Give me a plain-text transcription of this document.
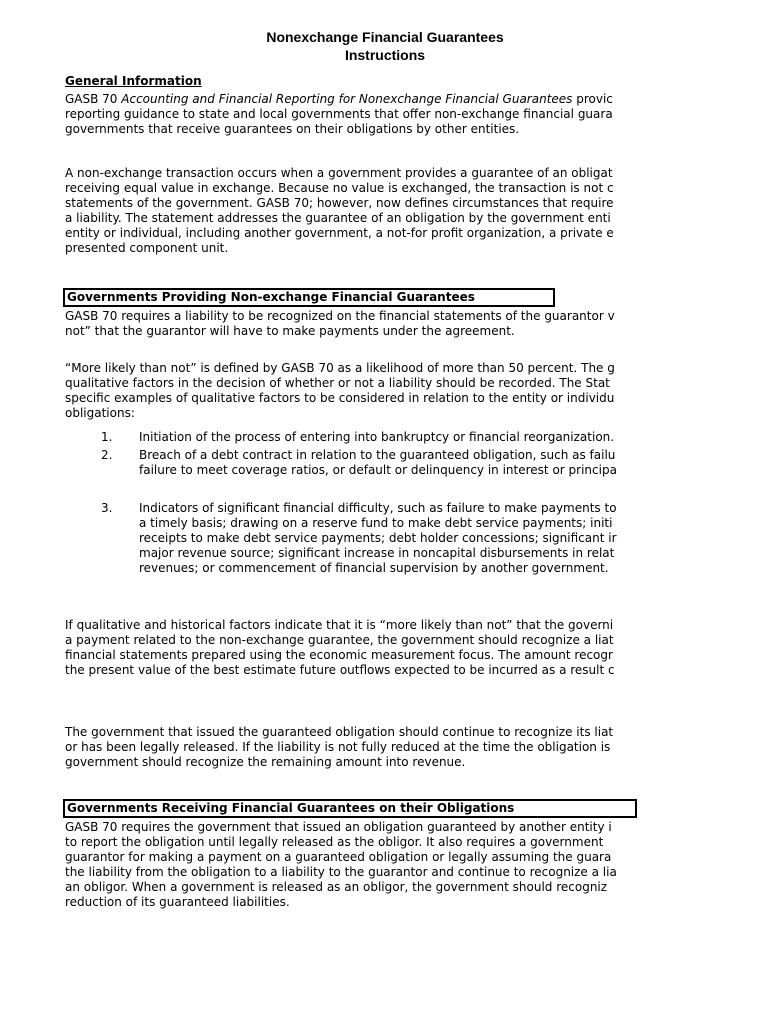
Nonexchange Financial Guarantees
Instructions
General Information
GASB 70 Accounting and Financial Reporting for Nonexchange Financial Guarantees provic
reporting guidance to state and local governments that offer non-exchange financial guara
governments that receive guarantees on their obligations by other entities.
A non-exchange transaction occurs when a government provides a guarantee of an obligat
receiving equal value in exchange. Because no value is exchanged, the transaction is not c
statements of the government. GASB 70; however, now defines circumstances that require
a liability. The statement addresses the guarantee of an obligation by the government enti
entity or individual, including another government, a not-for profit organization, a private e
presented component unit.
Governments Providing Non-exchange Financial Guarantees
GASB 70 requires a liability to be recognized on the financial statements of the guarantor v
not” that the guarantor will have to make payments under the agreement.
“More likely than not” is defined by GASB 70 as a likelihood of more than 50 percent. The g
qualitative factors in the decision of whether or not a liability should be recorded. The Stat
specific examples of qualitative factors to be considered in relation to the entity or individu
obligations:
1. Initiation of the process of entering into bankruptcy or financial reorganization.
2. Breach of a debt contract in relation to the guaranteed obligation, such as failu
failure to meet coverage ratios, or default or delinquency in interest or principa
3. Indicators of significant financial difficulty, such as failure to make payments to
a timely basis; drawing on a reserve fund to make debt service payments; initi
receipts to make debt service payments; debt holder concessions; significant ir
major revenue source; significant increase in noncapital disbursements in relat
revenues; or commencement of financial supervision by another government.
If qualitative and historical factors indicate that it is “more likely than not” that the governi
a payment related to the non-exchange guarantee, the government should recognize a liat
financial statements prepared using the economic measurement focus. The amount recogr
the present value of the best estimate future outflows expected to be incurred as a result c
The government that issued the guaranteed obligation should continue to recognize its liat
or has been legally released. If the liability is not fully reduced at the time the obligation is
government should recognize the remaining amount into revenue.
Governments Receiving Financial Guarantees on their Obligations
GASB 70 requires the government that issued an obligation guaranteed by another entity i
to report the obligation until legally released as the obligor. It also requires a government
guarantor for making a payment on a guaranteed obligation or legally assuming the guara
the liability from the obligation to a liability to the guarantor and continue to recognize a lia
an obligor. When a government is released as an obligor, the government should recogniz
reduction of its guaranteed liabilities.
